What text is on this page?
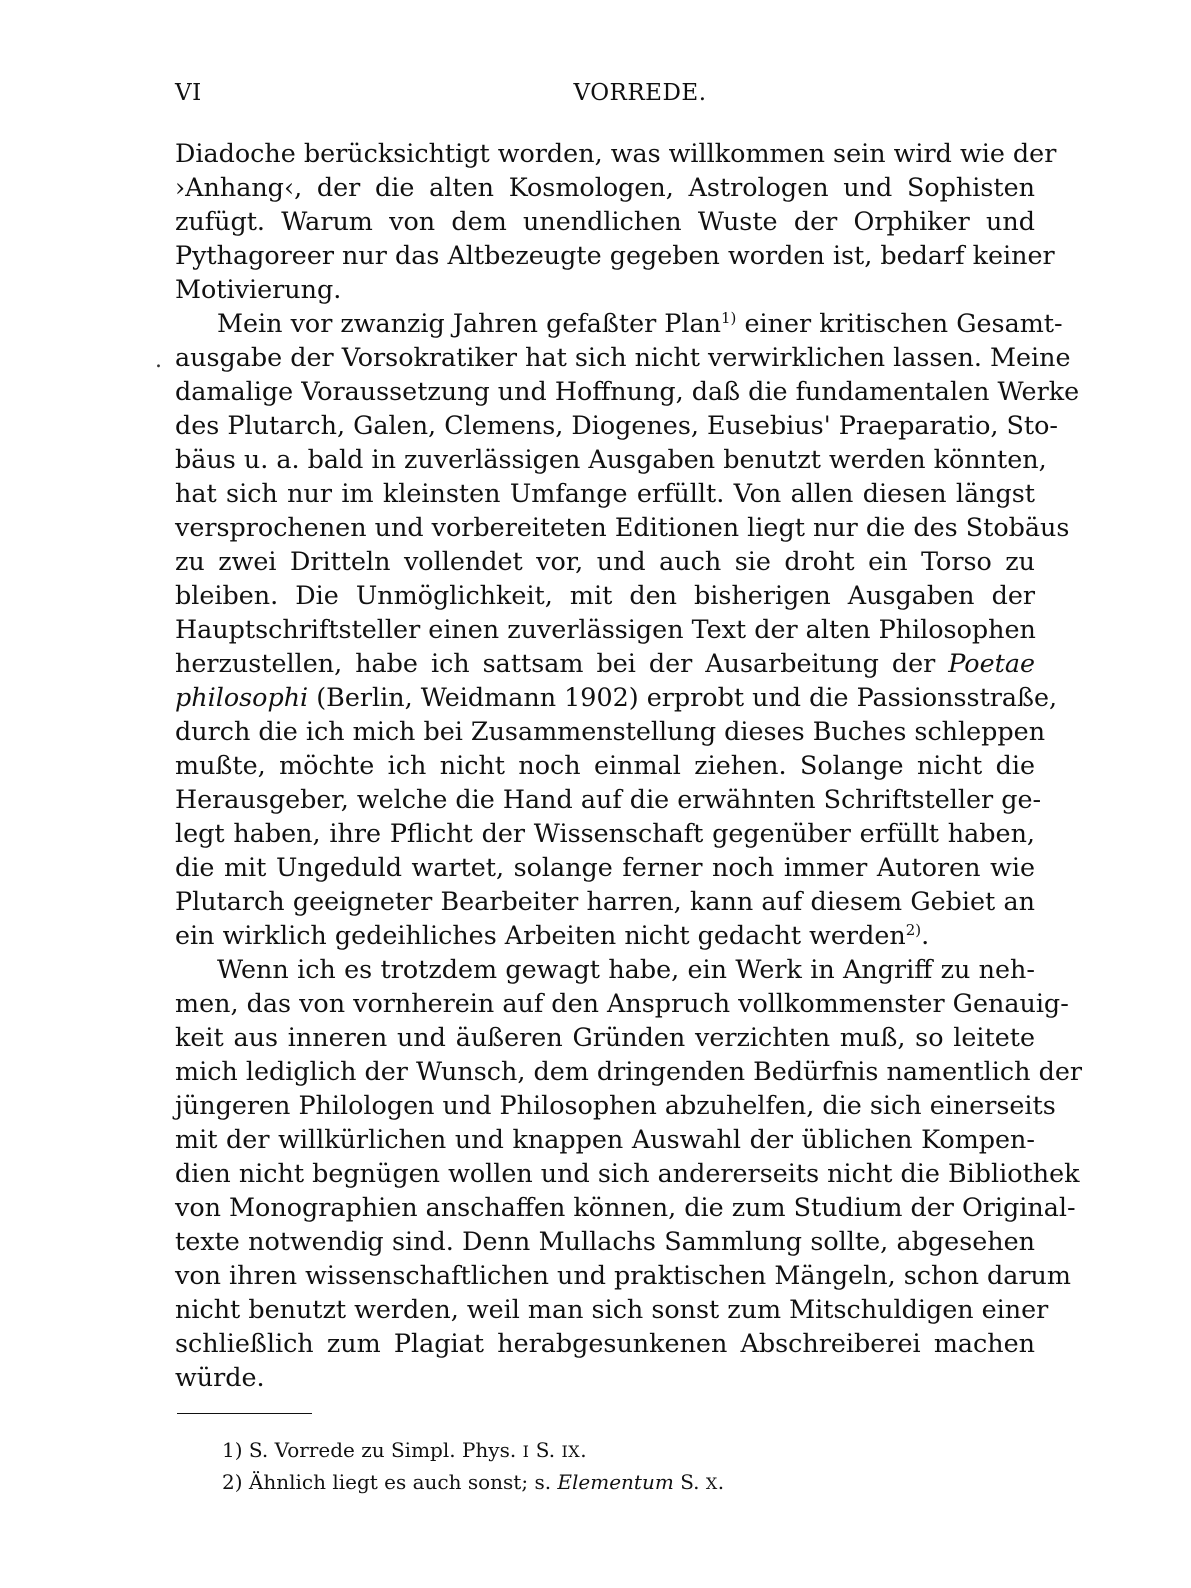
VI	VORREDE.
.
Diadoche berücksichtigt worden, was willkommen sein wird wie der
›Anhang‹, der die alten Kosmologen, Astrologen und Sophisten
zufügt. Warum von dem unendlichen Wuste der Orphiker und
Pythagoreer nur das Altbezeugte gegeben worden ist, bedarf keiner
Motivierung.
Mein vor zwanzig Jahren gefaßter Plan$^{1)}$ einer kritischen Gesamt-
ausgabe der Vorsokratiker hat sich nicht verwirklichen lassen. Meine
damalige Voraussetzung und Hoffnung, daß die fundamentalen Werke
des Plutarch, Galen, Clemens, Diogenes, Eusebius' Praeparatio, Sto-
bäus u. a. bald in zuverlässigen Ausgaben benutzt werden könnten,
hat sich nur im kleinsten Umfange erfüllt. Von allen diesen längst
versprochenen und vorbereiteten Editionen liegt nur die des Stobäus
zu zwei Dritteln vollendet vor, und auch sie droht ein Torso zu
bleiben. Die Unmöglichkeit, mit den bisherigen Ausgaben der
Hauptschriftsteller einen zuverlässigen Text der alten Philosophen
herzustellen, habe ich sattsam bei der Ausarbeitung der Poetae
philosophi (Berlin, Weidmann 1902) erprobt und die Passionsstraße,
durch die ich mich bei Zusammenstellung dieses Buches schleppen
mußte, möchte ich nicht noch einmal ziehen. Solange nicht die
Herausgeber, welche die Hand auf die erwähnten Schriftsteller ge-
legt haben, ihre Pflicht der Wissenschaft gegenüber erfüllt haben,
die mit Ungeduld wartet, solange ferner noch immer Autoren wie
Plutarch geeigneter Bearbeiter harren, kann auf diesem Gebiet an
ein wirklich gedeihliches Arbeiten nicht gedacht werden$^{2)}$.
Wenn ich es trotzdem gewagt habe, ein Werk in Angriff zu neh-
men, das von vornherein auf den Anspruch vollkommenster Genauig-
keit aus inneren und äußeren Gründen verzichten muß, so leitete
mich lediglich der Wunsch, dem dringenden Bedürfnis namentlich der
jüngeren Philologen und Philosophen abzuhelfen, die sich einerseits
mit der willkürlichen und knappen Auswahl der üblichen Kompen-
dien nicht begnügen wollen und sich andererseits nicht die Bibliothek
von Monographien anschaffen können, die zum Studium der Original-
texte notwendig sind. Denn Mullachs Sammlung sollte, abgesehen
von ihren wissenschaftlichen und praktischen Mängeln, schon darum
nicht benutzt werden, weil man sich sonst zum Mitschuldigen einer
schließlich zum Plagiat herabgesunkenen Abschreiberei machen
würde.
1) S. Vorrede zu Simpl. Phys. I S. IX.
2) Ähnlich liegt es auch sonst; s. Elementum S. X.
